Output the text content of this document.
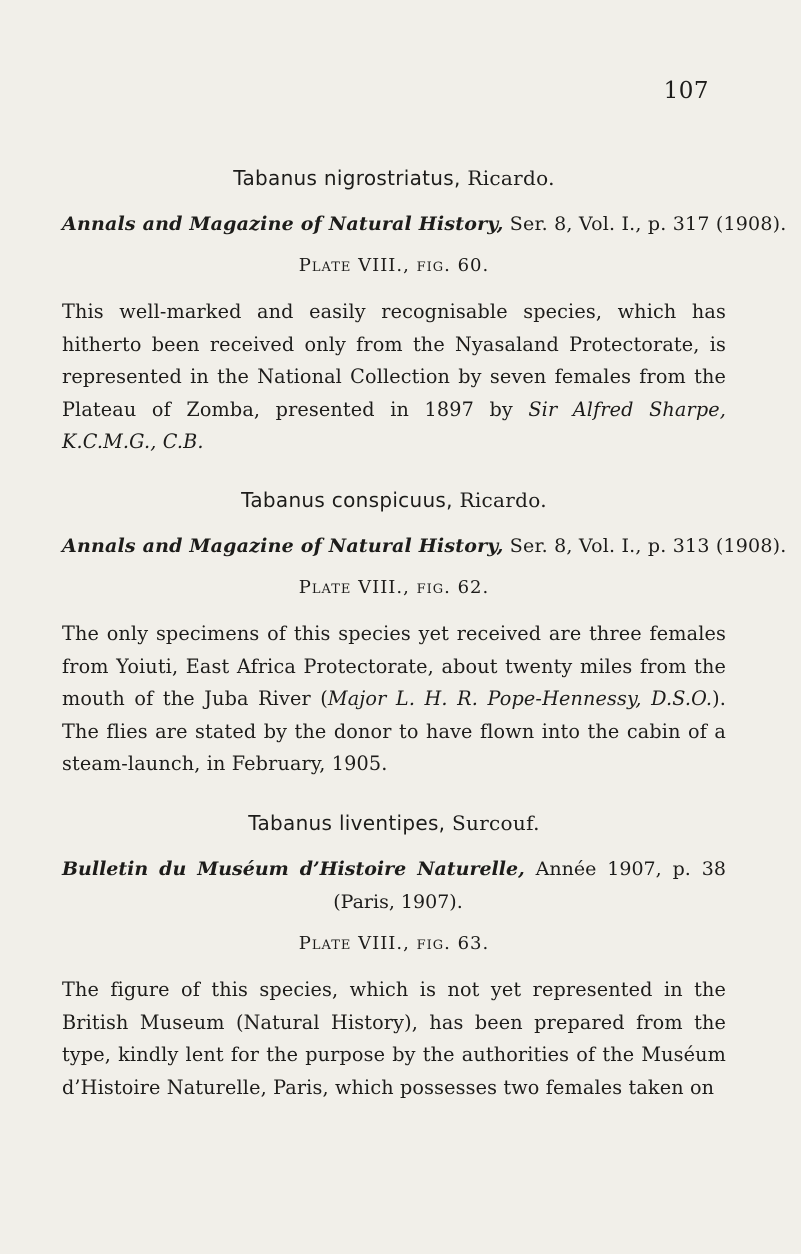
107
Tabanus nigrostriatus, Ricardo.

Annals and Magazine of Natural History, Ser. 8, Vol. I., p. 317 (1908).

Plate VIII., fig. 60.

This well-marked and easily recognisable species, which has hitherto been received only from the Nyasaland Protectorate, is represented in the National Collection by seven females from the Plateau of Zomba, presented in 1897 by Sir Alfred Sharpe, K.C.M.G., C.B.

Tabanus conspicuus, Ricardo.

Annals and Magazine of Natural History, Ser. 8, Vol. I., p. 313 (1908).

Plate VIII., fig. 62.

The only specimens of this species yet received are three females from Yoiuti, East Africa Protectorate, about twenty miles from the mouth of the Juba River (Major L. H. R. Pope-Hennessy, D.S.O.). The flies are stated by the donor to have flown into the cabin of a steam-launch, in February, 1905.

Tabanus liventipes, Surcouf.
Bulletin du Muséum d’Histoire Naturelle, Année 1907, p. 38
(Paris, 1907).
Plate VIII., fig. 63.

The figure of this species, which is not yet represented in the British Museum (Natural History), has been prepared from the type, kindly lent for the purpose by the authorities of the Muséum d’Histoire Naturelle, Paris, which possesses two females taken on
